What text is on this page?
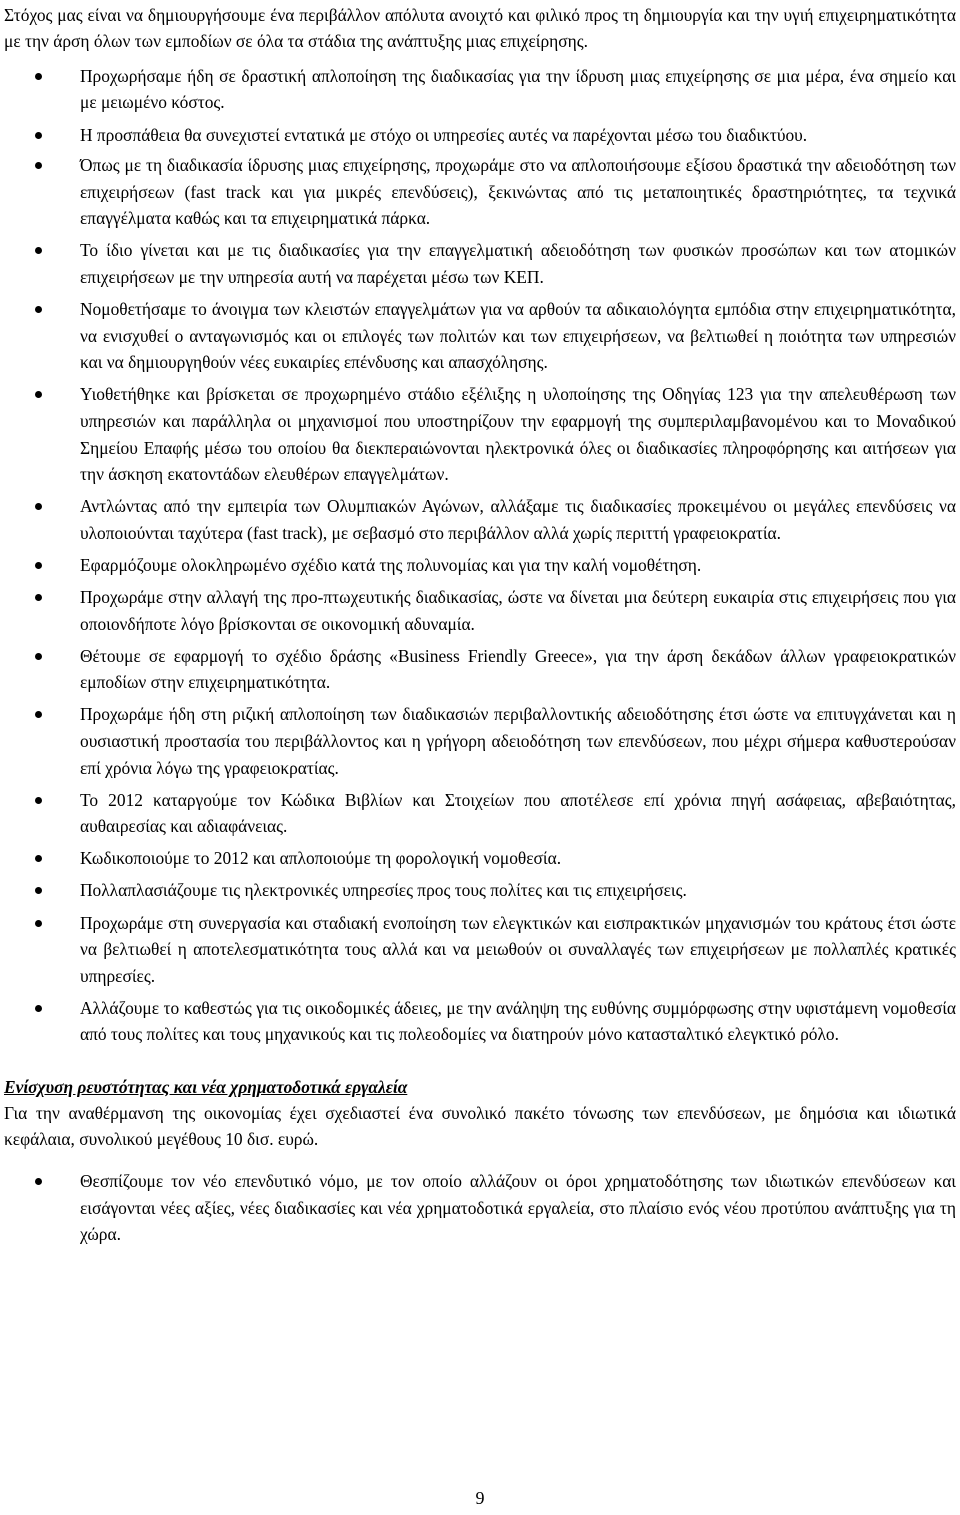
Στόχος μας είναι να δημιουργήσουμε ένα περιβάλλον απόλυτα ανοιχτό και φιλικό προς τη δημιουργία και την υγιή επιχειρηματικότητα με την άρση όλων των εμποδίων σε όλα τα στάδια της ανάπτυξης μιας επιχείρησης.

Προχωρήσαμε ήδη σε δραστική απλοποίηση της διαδικασίας για την ίδρυση μιας επιχείρησης σε μια μέρα, ένα σημείο και με μειωμένο κόστος.
Η προσπάθεια θα συνεχιστεί εντατικά με στόχο οι υπηρεσίες αυτές να παρέχονται μέσω του διαδικτύου.
Όπως με τη διαδικασία ίδρυσης μιας επιχείρησης, προχωράμε στο να απλοποιήσουμε εξίσου δραστικά την αδειοδότηση των επιχειρήσεων (fast track και για μικρές επενδύσεις), ξεκινώντας από τις μεταποιητικές δραστηριότητες, τα τεχνικά επαγγέλματα καθώς και τα επιχειρηματικά πάρκα.
Το ίδιο γίνεται και με τις διαδικασίες για την επαγγελματική αδειοδότηση των φυσικών προσώπων και των ατομικών επιχειρήσεων με την υπηρεσία αυτή να παρέχεται μέσω των ΚΕΠ.
Νομοθετήσαμε το άνοιγμα των κλειστών επαγγελμάτων για να αρθούν τα αδικαιολόγητα εμπόδια στην επιχειρηματικότητα, να ενισχυθεί ο ανταγωνισμός και οι επιλογές των πολιτών και των επιχειρήσεων, να βελτιωθεί η ποιότητα των υπηρεσιών και να δημιουργηθούν νέες ευκαιρίες επένδυσης και απασχόλησης.
Υιοθετήθηκε και βρίσκεται σε προχωρημένο στάδιο εξέλιξης η υλοποίησης της Οδηγίας 123 για την απελευθέρωση των υπηρεσιών και παράλληλα οι μηχανισμοί που υποστηρίζουν την εφαρμογή της συμπεριλαμβανομένου και το Μοναδικού Σημείου Επαφής μέσω του οποίου θα διεκπεραιώνονται ηλεκτρονικά όλες οι διαδικασίες πληροφόρησης και αιτήσεων για την άσκηση εκατοντάδων ελευθέρων επαγγελμάτων.
Αντλώντας από την εμπειρία των Ολυμπιακών Αγώνων, αλλάξαμε τις διαδικασίες προκειμένου οι μεγάλες επενδύσεις να υλοποιούνται ταχύτερα (fast track), με σεβασμό στο περιβάλλον αλλά χωρίς περιττή γραφειοκρατία.
Εφαρμόζουμε ολοκληρωμένο σχέδιο κατά της πολυνομίας και για την καλή νομοθέτηση.
Προχωράμε στην αλλαγή της προ-πτωχευτικής διαδικασίας, ώστε να δίνεται μια δεύτερη ευκαιρία στις επιχειρήσεις που για οποιονδήποτε λόγο βρίσκονται σε οικονομική αδυναμία.
Θέτουμε σε εφαρμογή το σχέδιο δράσης «Business Friendly Greece», για την άρση δεκάδων άλλων γραφειοκρατικών εμποδίων στην επιχειρηματικότητα.
Προχωράμε ήδη στη ριζική απλοποίηση των διαδικασιών περιβαλλοντικής αδειοδότησης έτσι ώστε να επιτυγχάνεται και η ουσιαστική προστασία του περιβάλλοντος και η γρήγορη αδειοδότηση των επενδύσεων, που μέχρι σήμερα καθυστερούσαν επί χρόνια λόγω της γραφειοκρατίας.
Το 2012 καταργούμε τον Κώδικα Βιβλίων και Στοιχείων που αποτέλεσε επί χρόνια πηγή ασάφειας, αβεβαιότητας, αυθαιρεσίας και αδιαφάνειας.
Κωδικοποιούμε το 2012 και απλοποιούμε τη φορολογική νομοθεσία.
Πολλαπλασιάζουμε τις ηλεκτρονικές υπηρεσίες προς τους πολίτες και τις επιχειρήσεις.
Προχωράμε στη συνεργασία και σταδιακή ενοποίηση των ελεγκτικών και εισπρακτικών μηχανισμών του κράτους έτσι ώστε να βελτιωθεί η αποτελεσματικότητα τους αλλά και να μειωθούν οι συναλλαγές των επιχειρήσεων με πολλαπλές κρατικές υπηρεσίες.
Αλλάζουμε το καθεστώς για τις οικοδομικές άδειες, με την ανάληψη της ευθύνης συμμόρφωσης στην υφιστάμενη νομοθεσία από τους πολίτες και τους μηχανικούς και τις πολεοδομίες να διατηρούν μόνο κατασταλτικό ελεγκτικό ρόλο.
Ενίσχυση ρευστότητας και νέα χρηματοδοτικά εργαλεία

Για την αναθέρμανση της οικονομίας έχει σχεδιαστεί ένα συνολικό πακέτο τόνωσης των επενδύσεων, με δημόσια και ιδιωτικά κεφάλαια, συνολικού μεγέθους 10 δισ. ευρώ.

Θεσπίζουμε τον νέο επενδυτικό νόμο, με τον οποίο αλλάζουν οι όροι χρηματοδότησης των ιδιωτικών επενδύσεων και εισάγονται νέες αξίες, νέες διαδικασίες και νέα χρηματοδοτικά εργαλεία, στο πλαίσιο ενός νέου προτύπου ανάπτυξης για τη χώρα.
9
